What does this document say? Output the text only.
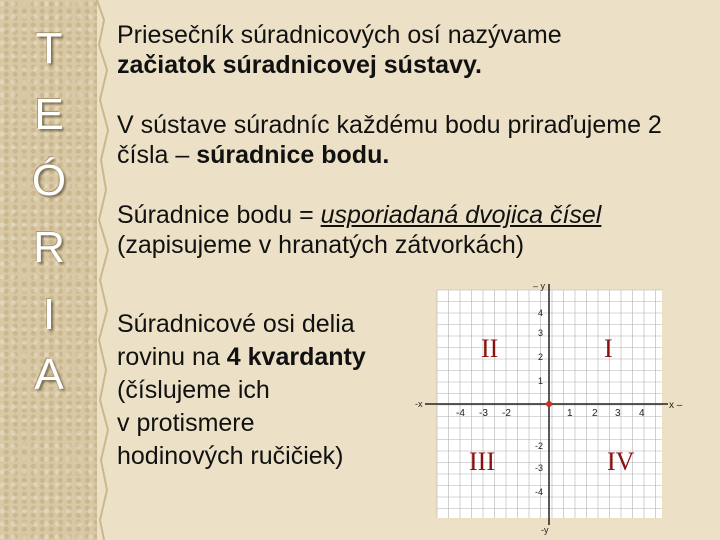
T
E
Ó
R
I
A

Priesečník súradnicových osí nazývame
začiatok súradnicovej sústavy.

V sústave súradníc každému bodu priraďujeme 2 čísla – súradnice bodu.

Súradnice bodu = usporiadaná dvojica čísel
(zapisujeme v hranatých zátvorkách)

Súradnicové osi delia
rovinu na 4 kvardanty
(číslujeme ich
v protismere
hodinových ručičiek)
x –
-x
– y
-y
-4 -3 -2	1 2 3 4
4
3
2
1
-2
-3
-4
II	I
III	IV
